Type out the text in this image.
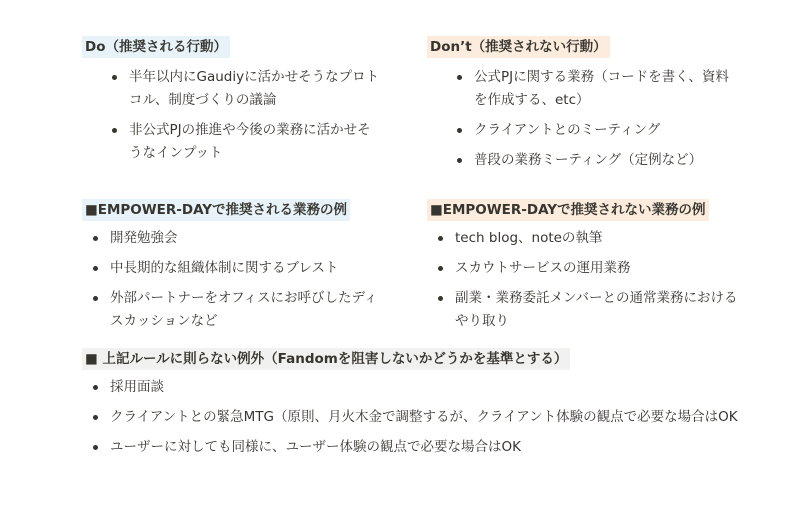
Do（推奨される行動）
半年以内にGaudiyに活かせそうなプロトコル、制度づくりの議論
非公式PJの推進や今後の業務に活かせそうなインプット
Don’t（推奨されない行動）
公式PJに関する業務（コードを書く、資料を作成する、etc）
クライアントとのミーティング
普段の業務ミーティング（定例など）
■EMPOWER-DAYで推奨される業務の例
開発勉強会
中長期的な組織体制に関するブレスト
外部パートナーをオフィスにお呼びしたディスカッションなど
■EMPOWER-DAYで推奨されない業務の例
tech blog、noteの執筆
スカウトサービスの運用業務
副業・業務委託メンバーとの通常業務におけるやり取り
■ 上記ルールに則らない例外（Fandomを阻害しないかどうかを基準とする）
採用面談
クライアントとの緊急MTG（原則、月火木金で調整するが、クライアント体験の観点で必要な場合はOK
ユーザーに対しても同様に、ユーザー体験の観点で必要な場合はOK
